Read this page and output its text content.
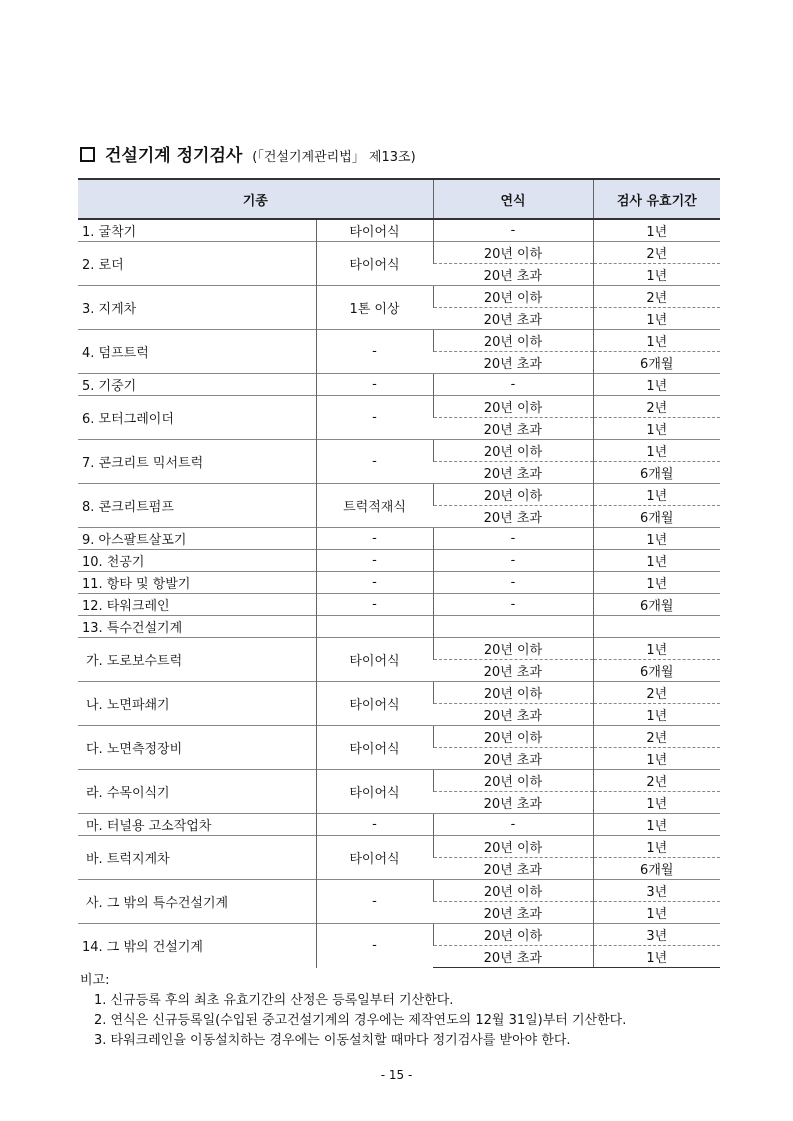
건설기계 정기검사 (「건설기계관리법」 제13조)
기종		연식	검사 유효기간
1. 굴착기	타이어식	-	1년
2. 로더	타이어식	20년 이하	2년
		20년 초과	1년
3. 지게차	1톤 이상	20년 이하	2년
		20년 초과	1년
4. 덤프트럭	-	20년 이하	1년
		20년 초과	6개월
5. 기중기	-	-	1년
6. 모터그레이더	-	20년 이하	2년
		20년 초과	1년
7. 콘크리트 믹서트럭	-	20년 이하	1년
		20년 초과	6개월
8. 콘크리트펌프	트럭적재식	20년 이하	1년
		20년 초과	6개월
9. 아스팔트살포기	-	-	1년
10. 천공기	-	-	1년
11. 항타 및 항발기	-	-	1년
12. 타워크레인	-	-	6개월
13. 특수건설기계			
가. 도로보수트럭	타이어식	20년 이하	1년
		20년 초과	6개월
나. 노면파쇄기	타이어식	20년 이하	2년
		20년 초과	1년
다. 노면측정장비	타이어식	20년 이하	2년
		20년 초과	1년
라. 수목이식기	타이어식	20년 이하	2년
		20년 초과	1년
마. 터널용 고소작업차	-	-	1년
바. 트럭지게차	타이어식	20년 이하	1년
		20년 초과	6개월
사. 그 밖의 특수건설기계	-	20년 이하	3년
		20년 초과	1년
14. 그 밖의 건설기계	-	20년 이하	3년
		20년 초과	1년
비고:
1. 신규등록 후의 최초 유효기간의 산정은 등록일부터 기산한다.
2. 연식은 신규등록일(수입된 중고건설기계의 경우에는 제작연도의 12월 31일)부터 기산한다.
3. 타워크레인을 이동설치하는 경우에는 이동설치할 때마다 정기검사를 받아야 한다.
- 15 -
